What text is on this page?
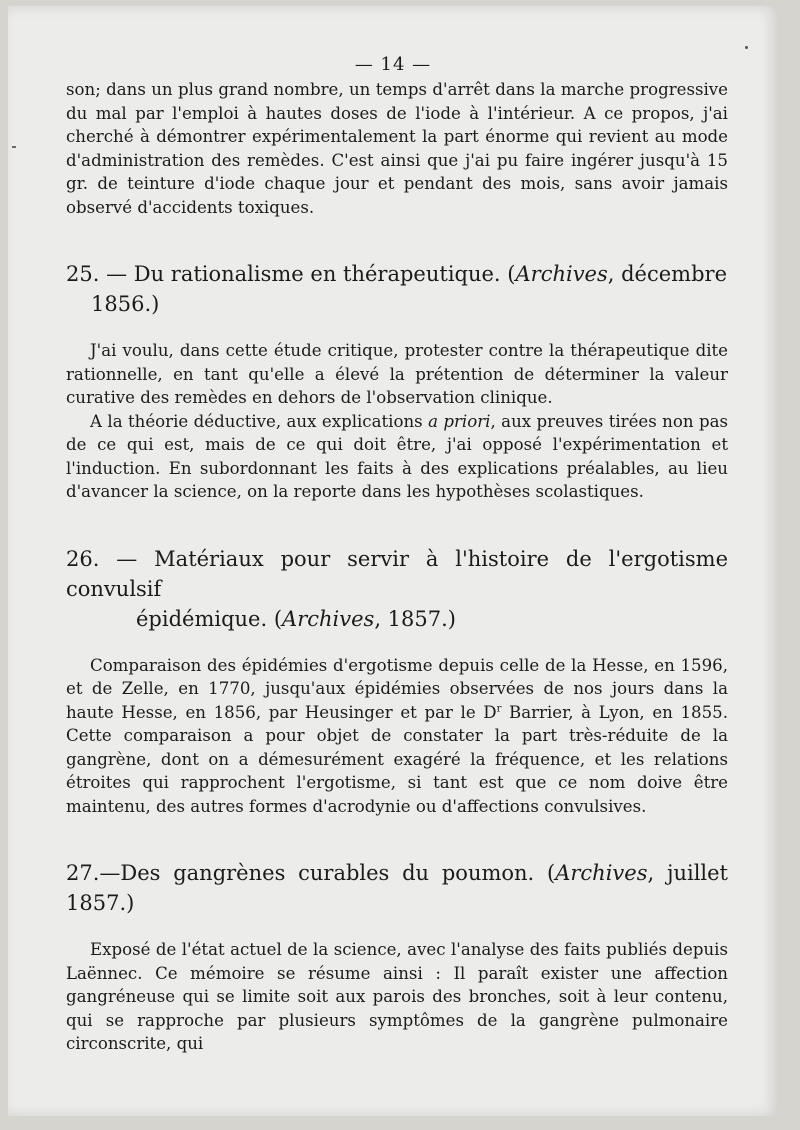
— 14 —

son; dans un plus grand nombre, un temps d'arrêt dans la marche progressive du mal par l'emploi à hautes doses de l'iode à l'intérieur. A ce propos, j'ai cherché à démontrer expérimentalement la part énorme qui revient au mode d'administration des remèdes. C'est ainsi que j'ai pu faire ingérer jusqu'à 15 gr. de teinture d'iode chaque jour et pendant des mois, sans avoir jamais observé d'accidents toxiques.

25. — Du rationalisme en thérapeutique. (Archives, décembre
1856.)

J'ai voulu, dans cette étude critique, protester contre la thérapeutique dite rationnelle, en tant qu'elle a élevé la prétention de déterminer la valeur curative des remèdes en dehors de l'observation clinique.

A la théorie déductive, aux explications a priori, aux preuves tirées non pas de ce qui est, mais de ce qui doit être, j'ai opposé l'expérimentation et l'induction. En subordonnant les faits à des explications préalables, au lieu d'avancer la science, on la reporte dans les hypothèses scolastiques.

26. — Matériaux pour servir à l'histoire de l'ergotisme convulsif
épidémique. (Archives, 1857.)

Comparaison des épidémies d'ergotisme depuis celle de la Hesse, en 1596, et de Zelle, en 1770, jusqu'aux épidémies observées de nos jours dans la haute Hesse, en 1856, par Heusinger et par le $D^r$ Barrier, à Lyon, en 1855. Cette comparaison a pour objet de constater la part très-réduite de la gangrène, dont on a démesurément exagéré la fréquence, et les relations étroites qui rapprochent l'ergotisme, si tant est que ce nom doive être maintenu, des autres formes d'acrodynie ou d'affections convulsives.

27.—Des gangrènes curables du poumon. (Archives, juillet 1857.)

Exposé de l'état actuel de la science, avec l'analyse des faits publiés depuis Laënnec. Ce mémoire se résume ainsi : Il paraît exister une affection gangréneuse qui se limite soit aux parois des bronches, soit à leur contenu, qui se rapproche par plusieurs symptômes de la gangrène pulmonaire circonscrite, qui
